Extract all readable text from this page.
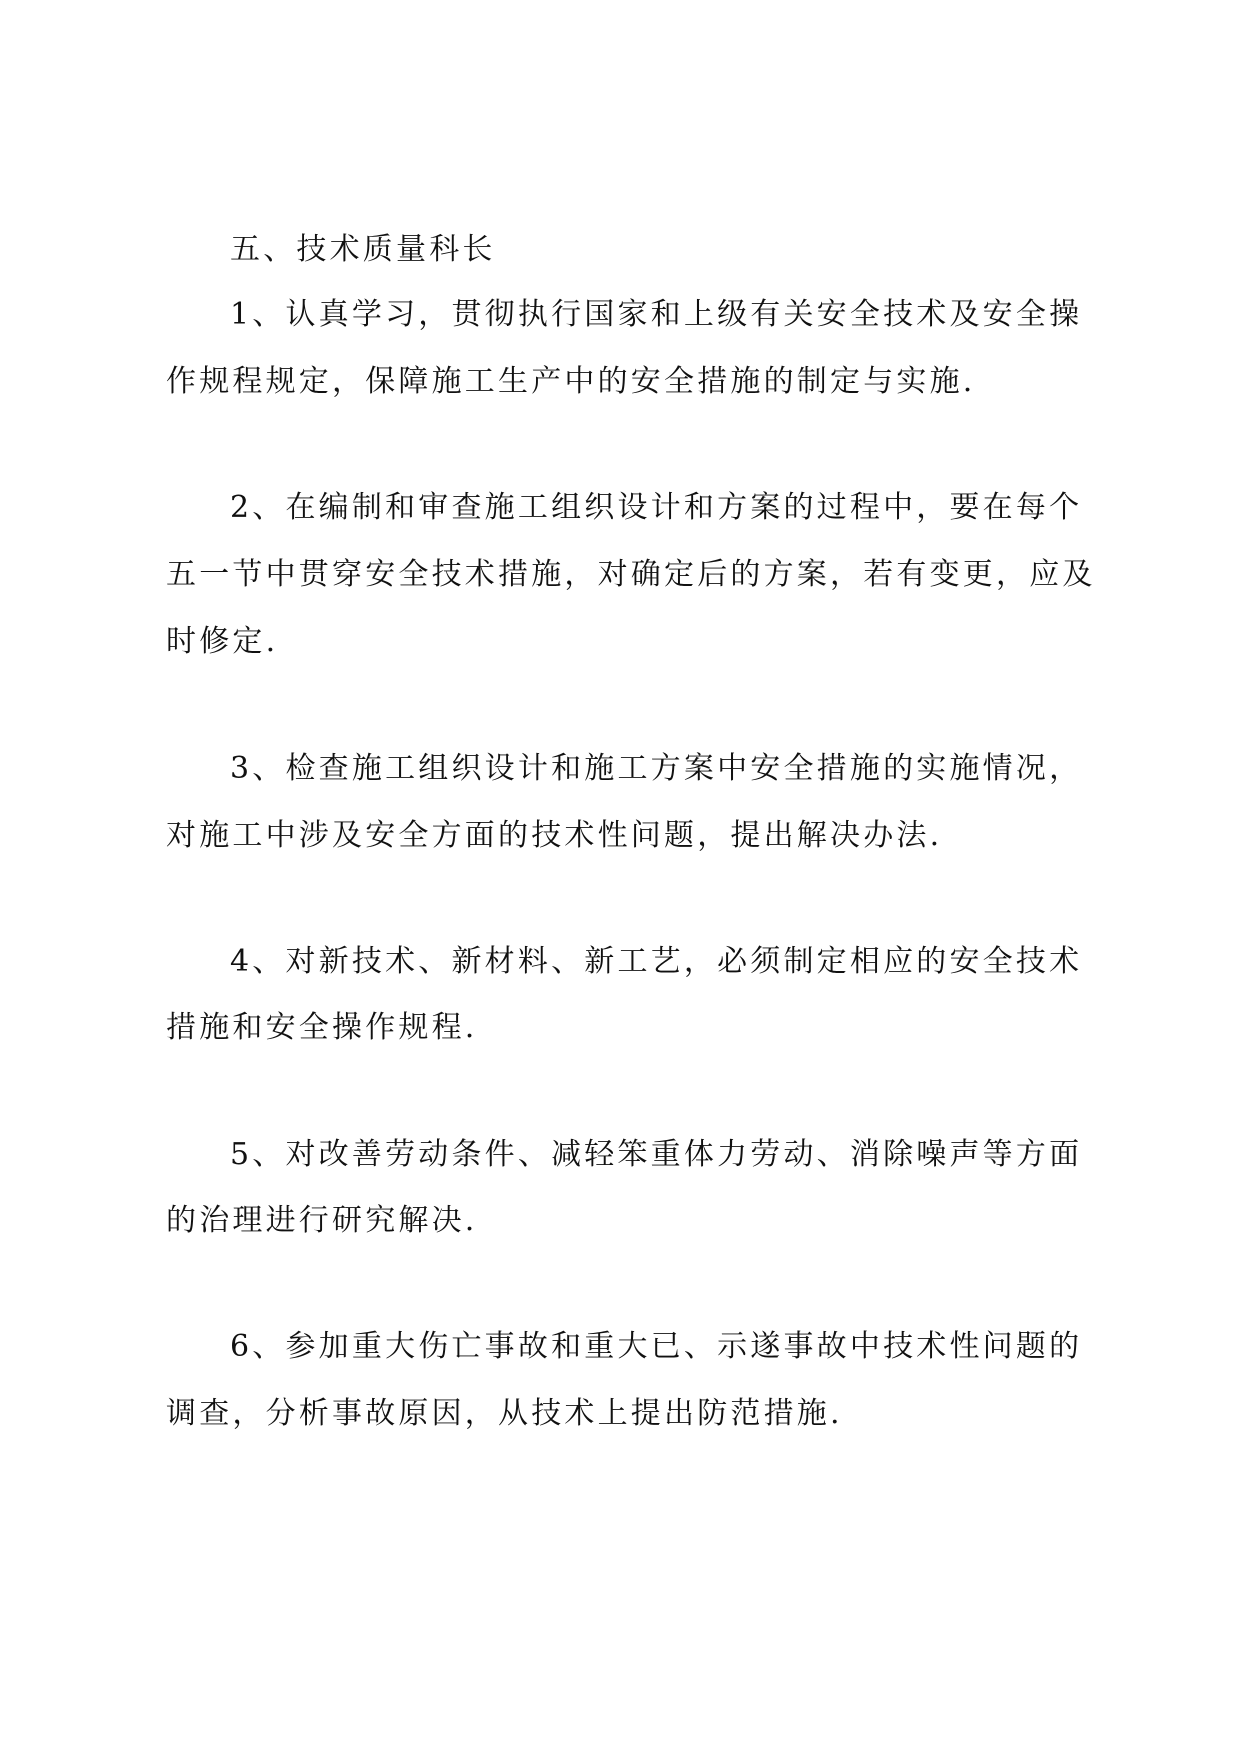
五、技术质量科长
1、认真学习，贯彻执行国家和上级有关安全技术及安全操
作规程规定，保障施工生产中的安全措施的制定与实施.
2、在编制和审查施工组织设计和方案的过程中，要在每个
五一节中贯穿安全技术措施，对确定后的方案，若有变更，应及
时修定.
3、检查施工组织设计和施工方案中安全措施的实施情况，
对施工中涉及安全方面的技术性问题，提出解决办法.
4、对新技术、新材料、新工艺，必须制定相应的安全技术
措施和安全操作规程.
5、对改善劳动条件、减轻笨重体力劳动、消除噪声等方面
的治理进行研究解决.
6、参加重大伤亡事故和重大已、示遂事故中技术性问题的
调查，分析事故原因，从技术上提出防范措施.
